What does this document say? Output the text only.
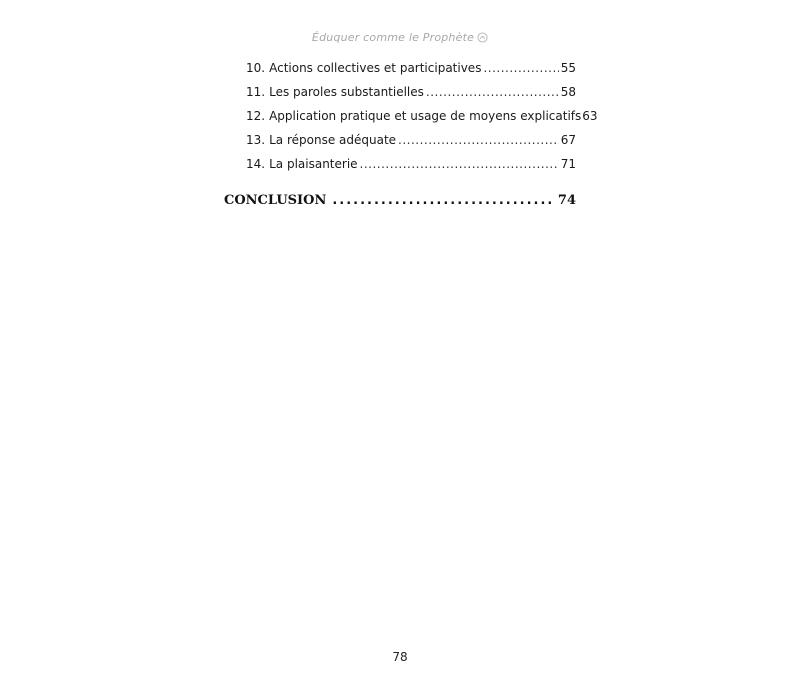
Éduquer comme le Prophète
10. Actions collectives et participatives .....	55
11. Les paroles substantielles .....	58
12. Application pratique et usage de moyens explicatifs 63
13. La réponse adéquate .....	67
14. La plaisanterie .....	71
CONCLUSION .....	74
78
